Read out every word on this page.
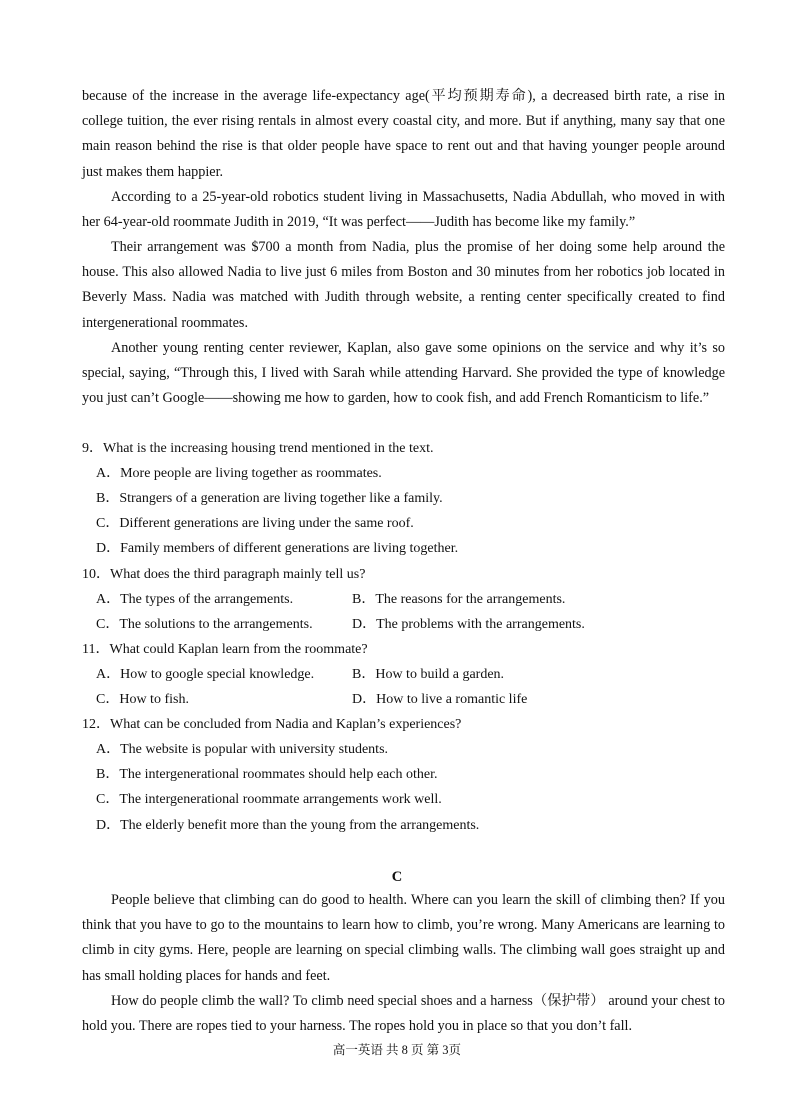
because of the increase in the average life-expectancy age(平均预期寿命), a decreased birth rate, a rise in college tuition, the ever rising rentals in almost every coastal city, and more. But if anything, many say that one main reason behind the rise is that older people have space to rent out and that having younger people around just makes them happier.

According to a 25-year-old robotics student living in Massachusetts, Nadia Abdullah, who moved in with her 64-year-old roommate Judith in 2019, “It was perfect——Judith has become like my family.”

Their arrangement was $700 a month from Nadia, plus the promise of her doing some help around the house. This also allowed Nadia to live just 6 miles from Boston and 30 minutes from her robotics job located in Beverly Mass. Nadia was matched with Judith through website, a renting center specifically created to find intergenerational roommates.

Another young renting center reviewer, Kaplan, also gave some opinions on the service and why it’s so special, saying, “Through this, I lived with Sarah while attending Harvard. She provided the type of knowledge you just can’t Google——showing me how to garden, how to cook fish, and add French Romanticism to life.”

9．What is the increasing housing trend mentioned in the text.
A．More people are living together as roommates.
B．Strangers of a generation are living together like a family.
C．Different generations are living under the same roof.
D．Family members of different generations are living together.
10．What does the third paragraph mainly tell us?
A．The types of the arrangements.	B．The reasons for the arrangements.
C．The solutions to the arrangements.	D．The problems with the arrangements.
11．What could Kaplan learn from the roommate?
A．How to google special knowledge.	B．How to build a garden.
C．How to fish.	D．How to live a romantic life
12．What can be concluded from Nadia and Kaplan’s experiences?
A．The website is popular with university students.
B．The intergenerational roommates should help each other.
C．The intergenerational roommate arrangements work well.
D．The elderly benefit more than the young from the arrangements.
C

People believe that climbing can do good to health. Where can you learn the skill of climbing then? If you think that you have to go to the mountains to learn how to climb, you’re wrong. Many Americans are learning to climb in city gyms. Here, people are learning on special climbing walls. The climbing wall goes straight up and has small holding places for hands and feet.

How do people climb the wall? To climb need special shoes and a harness（保护带） around your chest to hold you. There are ropes tied to your harness. The ropes hold you in place so that you don’t fall.

高一英语 共 8 页 第 3页
